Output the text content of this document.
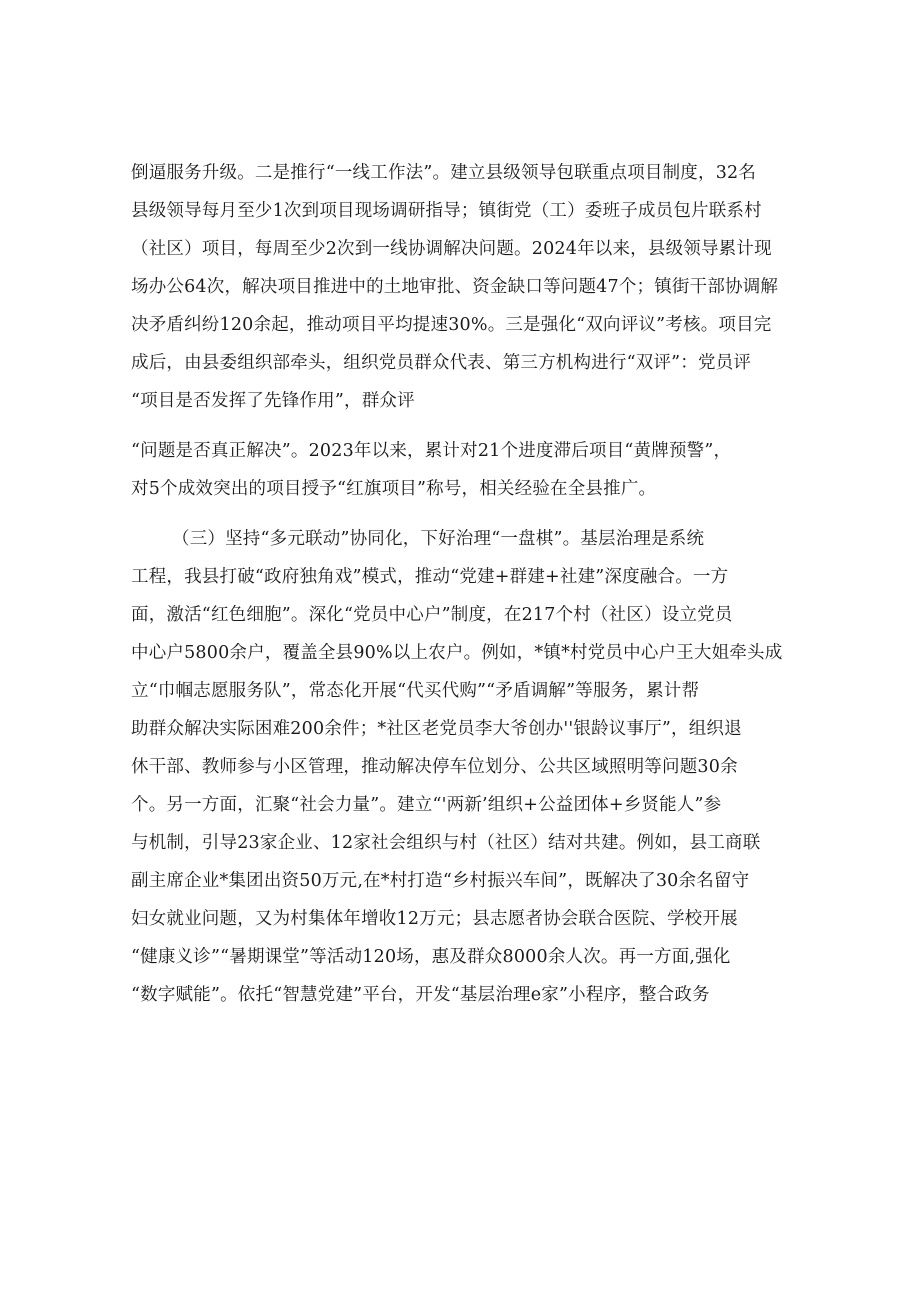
倒逼服务升级。二是推行“一线工作法”。建立县级领导包联重点项目制度，32名
县级领导每月至少1次到项目现场调研指导；镇街党（工）委班子成员包片联系村
（社区）项目，每周至少2次到一线协调解决问题。2024年以来，县级领导累计现
场办公64次，解决项目推进中的土地审批、资金缺口等问题47个；镇街干部协调解
决矛盾纠纷120余起，推动项目平均提速30%。三是强化“双向评议”考核。项目完
成后，由县委组织部牵头，组织党员群众代表、第三方机构进行“双评”：党员评
“项目是否发挥了先锋作用”，群众评
“问题是否真正解决”。2023年以来，累计对21个进度滞后项目“黄牌预警”，
对5个成效突出的项目授予“红旗项目”称号，相关经验在全县推广。
（三）坚持“多元联动”协同化，下好治理“一盘棋”。基层治理是系统
工程，我县打破“政府独角戏”模式，推动“党建+群建+社建”深度融合。一方
面，激活“红色细胞”。深化“党员中心户”制度，在217个村（社区）设立党员
中心户5800余户，覆盖全县90%以上农户。例如，*镇*村党员中心户王大姐牵头成
立“巾帼志愿服务队”，常态化开展“代买代购”“矛盾调解”等服务，累计帮
助群众解决实际困难200余件；*社区老党员李大爷创办''银龄议事厅”，组织退
休干部、教师参与小区管理，推动解决停车位划分、公共区域照明等问题30余
个。另一方面，汇聚“社会力量”。建立“'两新’组织+公益团体+乡贤能人”参
与机制，引导23家企业、12家社会组织与村（社区）结对共建。例如，县工商联
副主席企业*集团出资50万元,在*村打造“乡村振兴车间”，既解决了30余名留守
妇女就业问题，又为村集体年增收12万元；县志愿者协会联合医院、学校开展
“健康义诊”“暑期课堂”等活动120场，惠及群众8000余人次。再一方面,强化
“数字赋能”。依托“智慧党建”平台，开发“基层治理e家”小程序，整合政务
